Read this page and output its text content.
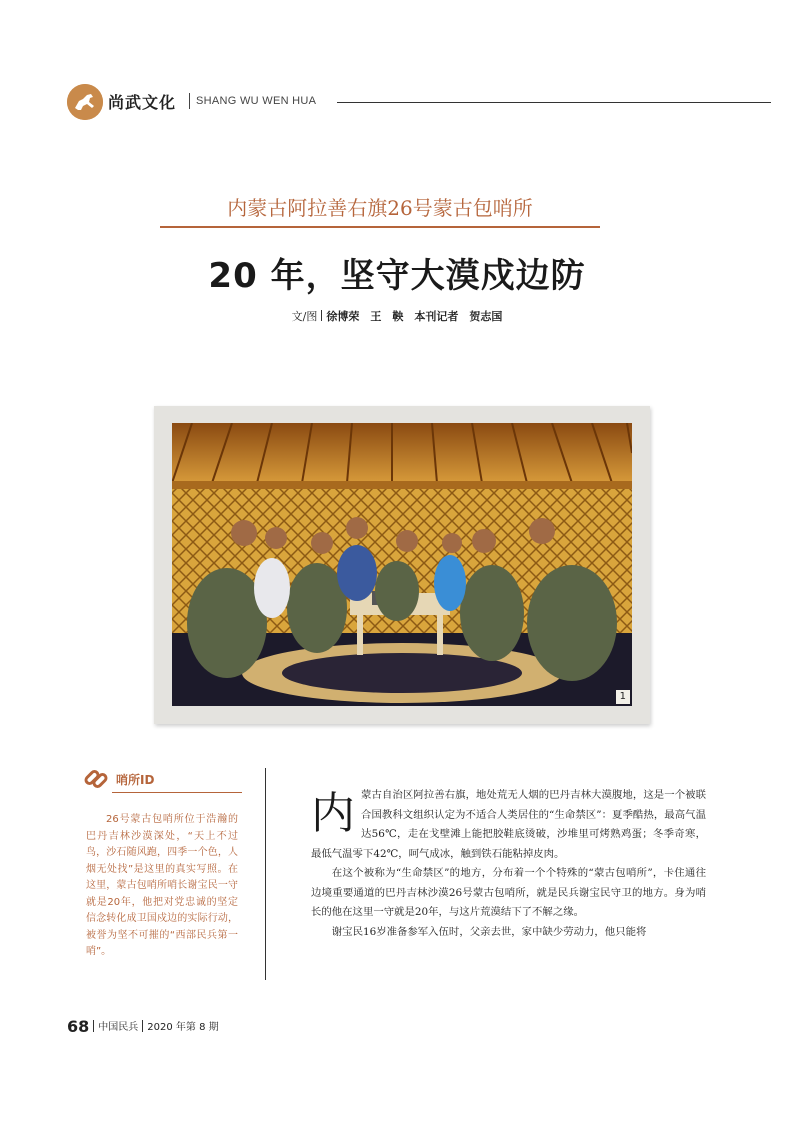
尚武文化 SHANG WU WEN HUA
内蒙古阿拉善右旗26号蒙古包哨所
20 年，坚守大漠戍边防
文/图 徐博荣　王　鞅　本刊记者　贺志国
1
哨所ID
26号蒙古包哨所位于浩瀚的巴丹吉林沙漠深处，“天上不过鸟，沙石随风跑，四季一个色，人烟无处找”是这里的真实写照。在这里，蒙古包哨所哨长谢宝民一守就是20年，他把对党忠诚的坚定信念转化成卫国戍边的实际行动，被誉为坚不可摧的“西部民兵第一哨”。
内 蒙古自治区阿拉善右旗，地处荒无人烟的巴丹吉林大漠腹地，这是一个被联合国教科文组织认定为不适合人类居住的“生命禁区”：夏季酷热，最高气温达56℃，走在戈壁滩上能把胶鞋底烫破，沙堆里可烤熟鸡蛋；冬季奇寒，最低气温零下42℃，呵气成冰，触到铁石能粘掉皮肉。

在这个被称为“生命禁区”的地方，分布着一个个特殊的“蒙古包哨所”，卡住通往边境重要通道的巴丹吉林沙漠26号蒙古包哨所，就是民兵谢宝民守卫的地方。身为哨长的他在这里一守就是20年，与这片荒漠结下了不解之缘。

谢宝民16岁准备参军入伍时，父亲去世，家中缺少劳动力，他只能将

68 中国民兵 2020 年第 8 期
